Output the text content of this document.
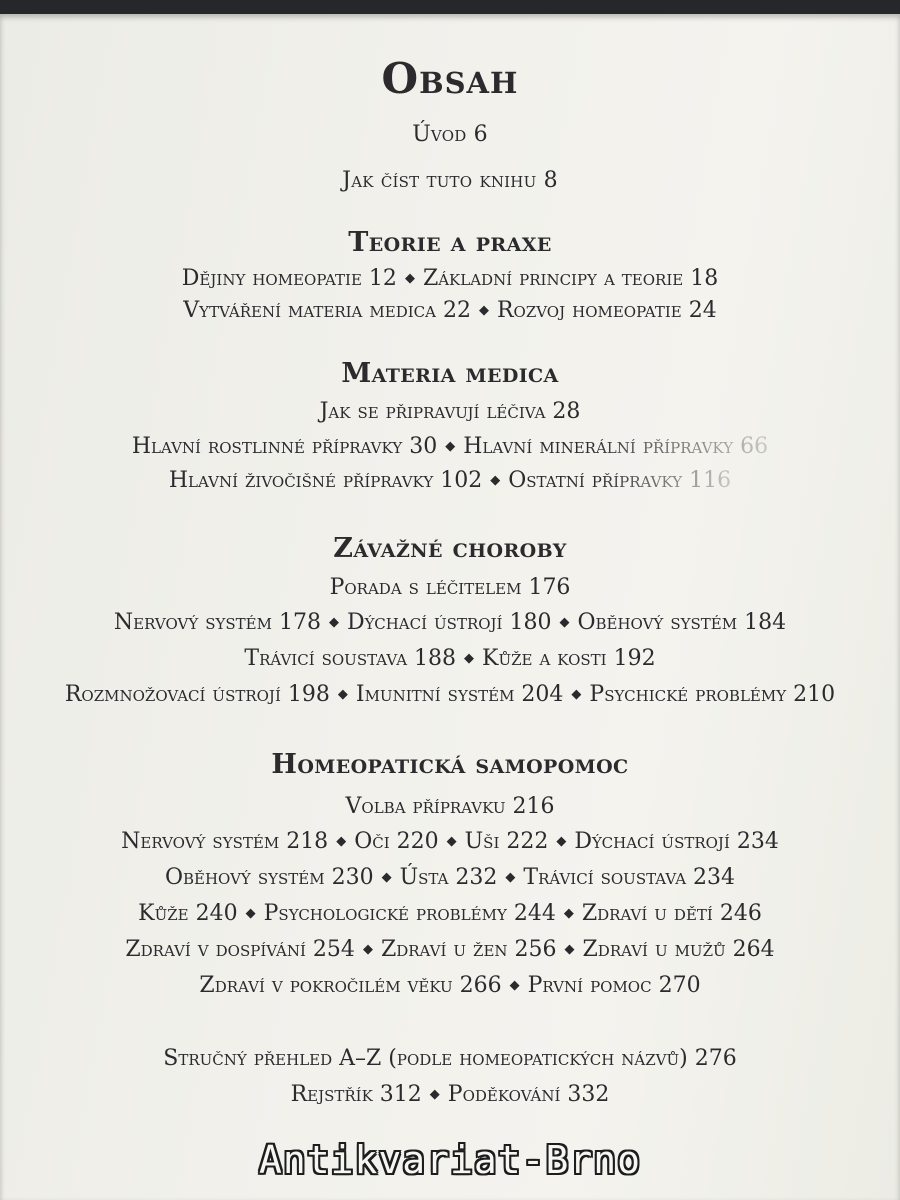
Obsah
Úvod 6
Jak číst tuto knihu 8
Teorie a praxe
Dějiny homeopatie 12 ◆ Základní principy a teorie 18
Vytváření materia medica 22 ◆ Rozvoj homeopatie 24
Materia medica
Jak se připravují léčiva 28
Hlavní rostlinné přípravky 30 ◆ Hlavní minerální přípravky 66
Hlavní živočišné přípravky 102 ◆ Ostatní přípravky 116
Závažné choroby
Porada s léčitelem 176
Nervový systém 178 ◆ Dýchací ústrojí 180 ◆ Oběhový systém 184
Trávicí soustava 188 ◆ Kůže a kosti 192
Rozmnožovací ústrojí 198 ◆ Imunitní systém 204 ◆ Psychické problémy 210
Homeopatická samopomoc
Volba přípravku 216
Nervový systém 218 ◆ Oči 220 ◆ Uši 222 ◆ Dýchací ústrojí 234
Oběhový systém 230 ◆ Ústa 232 ◆ Trávicí soustava 234
Kůže 240 ◆ Psychologické problémy 244 ◆ Zdraví u dětí 246
Zdraví v dospívání 254 ◆ Zdraví u žen 256 ◆ Zdraví u mužů 264
Zdraví v pokročilém věku 266 ◆ První pomoc 270
Stručný přehled A–Z (podle homeopatických názvů) 276
Rejstřík 312 ◆ Poděkování 332
Antikvariat-Brno
